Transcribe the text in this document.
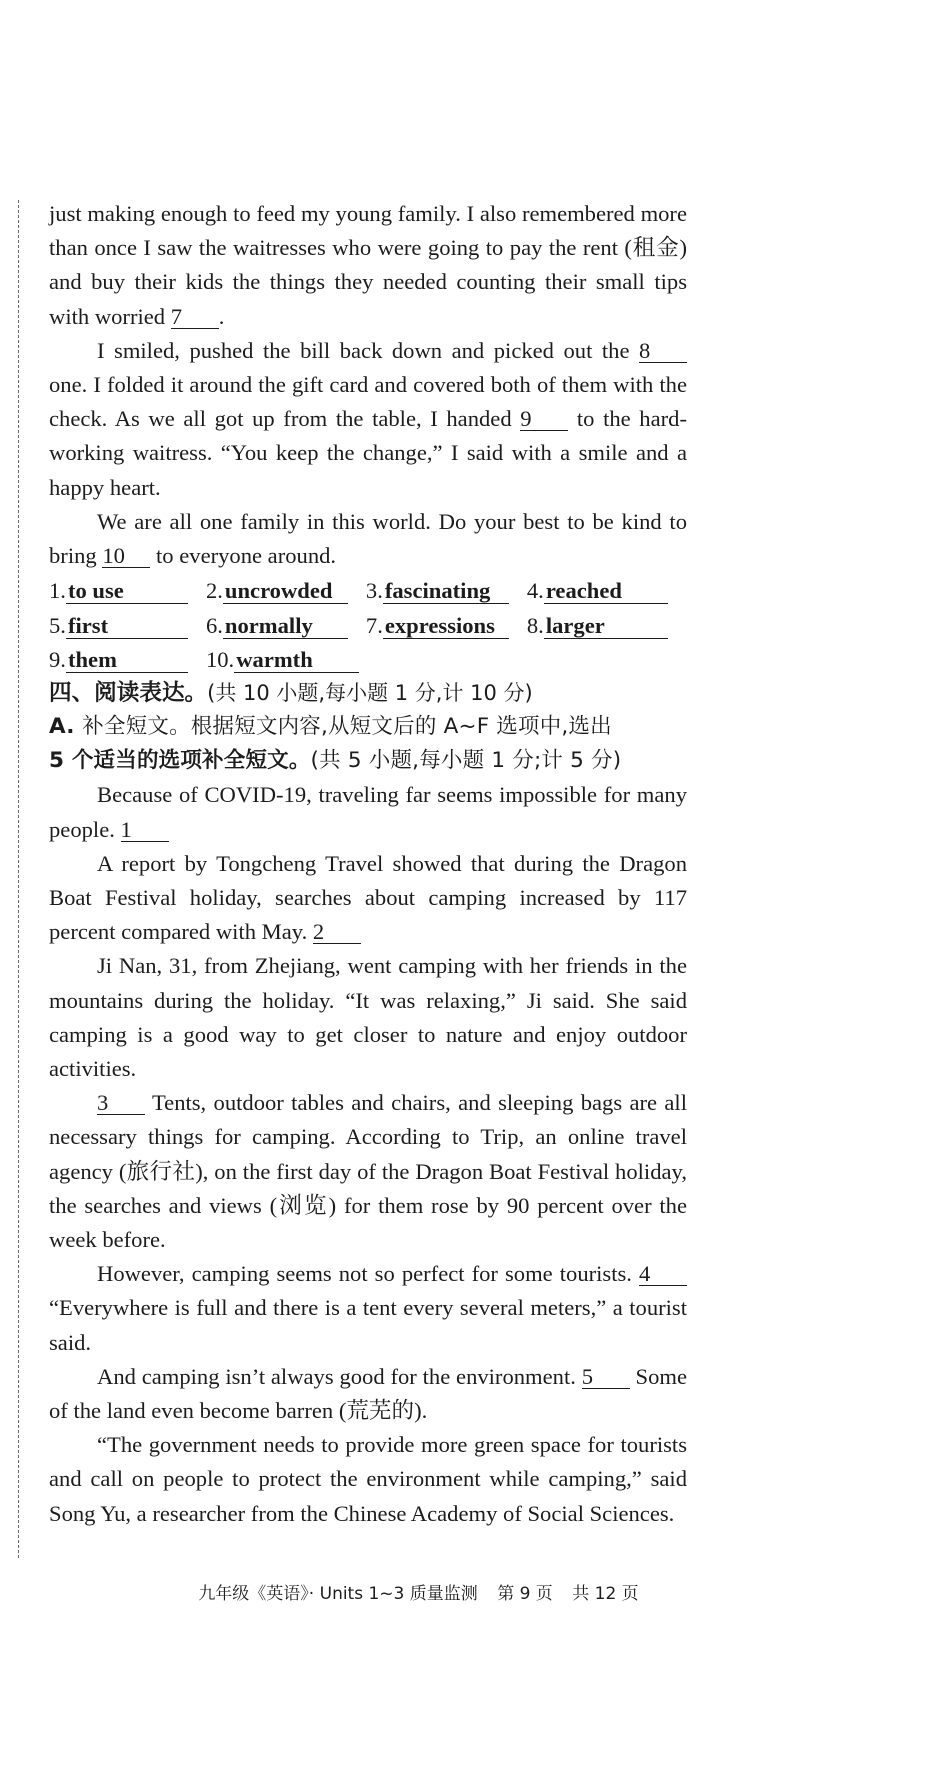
just making enough to feed my young family. I also remembered more than once I saw the waitresses who were going to pay the rent (租金) and buy their kids the things they needed counting their small tips with worried 7 .

I smiled, pushed the bill back down and picked out the 8 one. I folded it around the gift card and covered both of them with the check. As we all got up from the table, I handed 9 to the hard-working waitress. “You keep the change,” I said with a smile and a happy heart.

We are all one family in this world. Do your best to be kind to bring 10 to everyone around.

1. to use	2. uncrowded	3. fascinating	4. reached
5. first	6. normally	7. expressions	8. larger
9. them	10. warmth

四、阅读表达。(共 10 小题,每小题 1 分,计 10 分)

A. 补全短文。根据短文内容,从短文后的 A~F 选项中,选出
5 个适当的选项补全短文。(共 5 小题,每小题 1 分;计 5 分)

Because of COVID-19, traveling far seems impossible for many people. 1

A report by Tongcheng Travel showed that during the Dragon Boat Festival holiday, searches about camping increased by 117 percent compared with May. 2

Ji Nan, 31, from Zhejiang, went camping with her friends in the mountains during the holiday. “It was relaxing,” Ji said. She said camping is a good way to get closer to nature and enjoy outdoor activities.

3 Tents, outdoor tables and chairs, and sleeping bags are all necessary things for camping. According to Trip, an online travel agency (旅行社), on the first day of the Dragon Boat Festival holiday, the searches and views (浏览) for them rose by 90 percent over the week before.

However, camping seems not so perfect for some tourists. 4 “Everywhere is full and there is a tent every several meters,” a tourist said.

And camping isn’t always good for the environment. 5 Some of the land even become barren (荒芜的).

“The government needs to provide more green space for tourists and call on people to protect the environment while camping,” said Song Yu, a researcher from the Chinese Academy of Social Sciences.

九年级《英语》· Units 1~3 质量监测 第 9 页 共 12 页
